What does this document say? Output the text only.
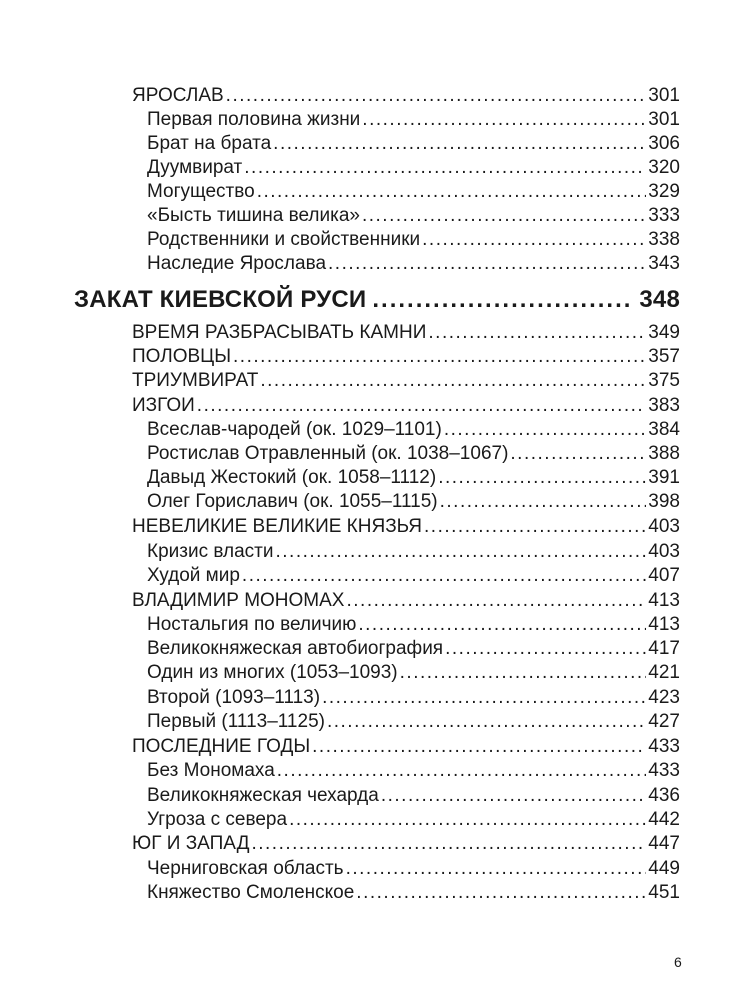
ЯРОСЛАВ .....	301
Первая половина жизни .....	301
Брат на брата .....	306
Дуумвират .....	320
Могущество .....	329
«Бысть тишина велика» .....	333
Родственники и свойственники .....	338
Наследие Ярослава .....	343
ЗАКАТ КИЕВСКОЙ РУСИ .....	348
ВРЕМЯ РАЗБРАСЫВАТЬ КАМНИ .....	349
ПОЛОВЦЫ .....	357
ТРИУМВИРАТ .....	375
ИЗГОИ .....	383
Всеслав-чародей (ок. 1029–1101) .....	384
Ростислав Отравленный (ок. 1038–1067) .....	388
Давыд Жестокий (ок. 1058–1112) .....	391
Олег Гориславич (ок. 1055–1115) .....	398
НЕВЕЛИКИЕ ВЕЛИКИЕ КНЯЗЬЯ .....	403
Кризис власти .....	403
Худой мир .....	407
ВЛАДИМИР МОНОМАХ .....	413
Ностальгия по величию .....	413
Великокняжеская автобиография .....	417
Один из многих (1053–1093) .....	421
Второй (1093–1113) .....	423
Первый (1113–1125) .....	427
ПОСЛЕДНИЕ ГОДЫ .....	433
Без Мономаха .....	433
Великокняжеская чехарда .....	436
Угроза с севера .....	442
ЮГ И ЗАПАД .....	447
Черниговская область .....	449
Княжество Смоленское .....	451
6
